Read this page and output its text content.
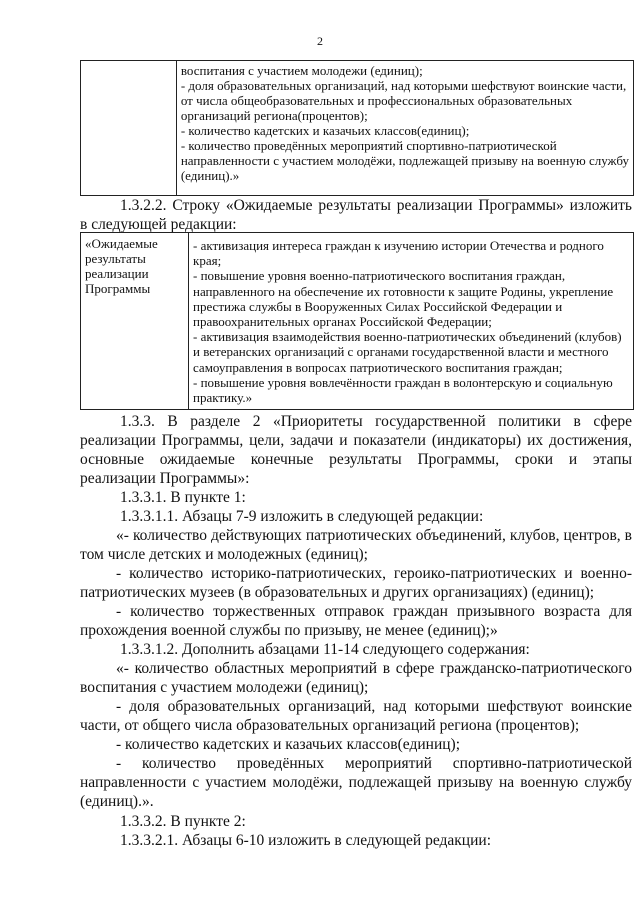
2

воспитания с участием молодежи (единиц);

- доля образовательных организаций, над которыми шефствуют воинские части,

от числа общеобразовательных и профессиональных образовательных

организаций региона(процентов);

- количество кадетских и казачьих классов(единиц);

- количество проведённых мероприятий спортивно-патриотической

направленности с участием молодёжи, подлежащей призыву на военную службу

(единиц).»

1.3.2.2. Строку «Ожидаемые результаты реализации Программы» изложить
в следующей редакции:

«Ожидаемые

результаты

реализации

Программы

- активизация интереса граждан к изучению истории Отечества и родного

края;

- повышение уровня военно-патриотического воспитания граждан,

направленного на обеспечение их готовности к защите Родины, укрепление

престижа службы в Вооруженных Силах Российской Федерации и

правоохранительных органах Российской Федерации;

- активизация взаимодействия военно-патриотических объединений (клубов)

и ветеранских организаций с органами государственной власти и местного

самоуправления в вопросах патриотического воспитания граждан;

- повышение уровня вовлечённости граждан в волонтерскую и социальную

практику.»

1.3.3. В разделе 2 «Приоритеты государственной политики в сфере
реализации Программы, цели, задачи и показатели (индикаторы) их достижения,
основные ожидаемые конечные результаты Программы, сроки и этапы
реализации Программы»:
1.3.3.1. В пункте 1:
1.3.3.1.1. Абзацы 7-9 изложить в следующей редакции:
«- количество действующих патриотических объединений, клубов, центров, в
том числе детских и молодежных (единиц);
- количество историко-патриотических, героико-патриотических и военно-
патриотических музеев (в образовательных и других организациях) (единиц);
- количество торжественных отправок граждан призывного возраста для
прохождения военной службы по призыву, не менее (единиц);»
1.3.3.1.2. Дополнить абзацами 11-14 следующего содержания:
«- количество областных мероприятий в сфере гражданско-патриотического
воспитания с участием молодежи (единиц);
- доля образовательных организаций, над которыми шефствуют воинские
части, от общего числа образовательных организаций региона (процентов);
- количество кадетских и казачьих классов(единиц);
- количество проведённых мероприятий спортивно-патриотической
направленности с участием молодёжи, подлежащей призыву на военную службу
(единиц).».
1.3.3.2. В пункте 2:
1.3.3.2.1. Абзацы 6-10 изложить в следующей редакции:
